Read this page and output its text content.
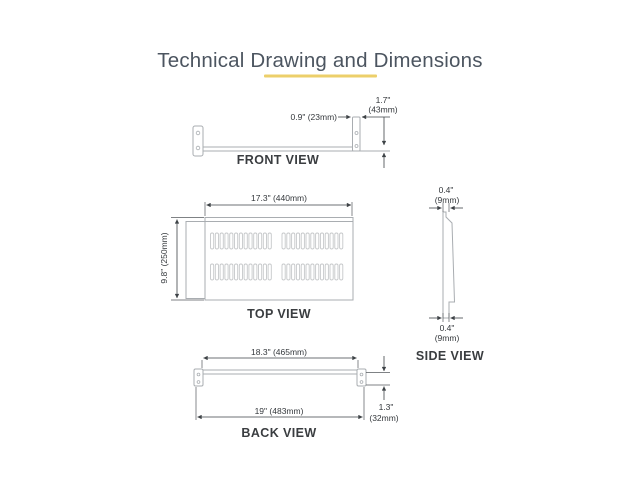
Technical Drawing and Dimensions
0.9" (23mm)
1.7"
(43mm)
FRONT VIEW
17.3" (440mm)
9.8" (250mm)
TOP VIEW
0.4"
(9mm)
0.4"
(9mm)
SIDE VIEW
18.3" (465mm)
19" (483mm)	1.3"
(32mm)
BACK VIEW
